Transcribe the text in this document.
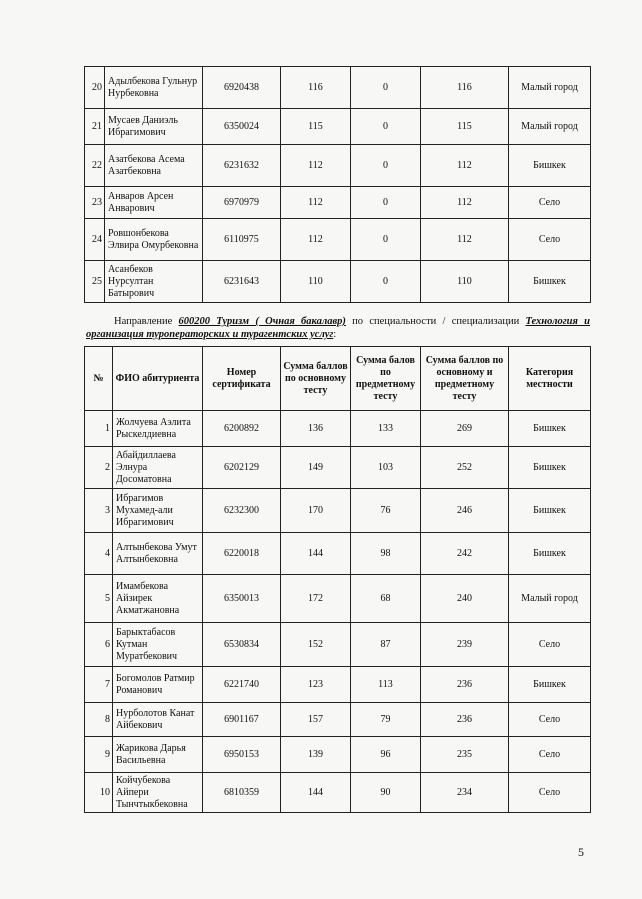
20	Адылбекова Гульнур Нурбековна	6920438	116	0	116	Малый город
21	Мусаев Даниэль Ибрагимович	6350024	115	0	115	Малый город
22	Азатбекова Асема Азатбековна	6231632	112	0	112	Бишкек
23	Анваров Арсен Анварович	6970979	112	0	112	Село
24	Ровшонбекова Элвира Омурбековна	6110975	112	0	112	Село
25	Асанбеков Нурсултан Батырович	6231643	110	0	110	Бишкек
Направление 600200 Туризм ( Очная бакалавр) по специальности / специализации Технология и организация туроператорских и турагентских услуг:
№	ФИО абитуриента	Номер сертификата	Сумма баллов по основному тесту	Сумма балов по предметному тесту	Сумма баллов по основному и предметному тесту	Категория местности
1	Жолчуева Аэлита Рыскелдиевна	6200892	136	133	269	Бишкек
2	Абайдиллаева Элнура Досоматовна	6202129	149	103	252	Бишкек
3	Ибрагимов Мухамед-али Ибрагимович	6232300	170	76	246	Бишкек
4	Алтынбекова Умут Алтынбековна	6220018	144	98	242	Бишкек
5	Имамбекова Айзирек Акматжановна	6350013	172	68	240	Малый город
6	Барыктабасов Кутман Муратбекович	6530834	152	87	239	Село
7	Богомолов Ратмир Романович	6221740	123	113	236	Бишкек
8	Нурболотов Канат Айбекович	6901167	157	79	236	Село
9	Жарикова Дарья Васильевна	6950153	139	96	235	Село
10	Койчубекова Айпери Тынчтыкбековна	6810359	144	90	234	Село
5
